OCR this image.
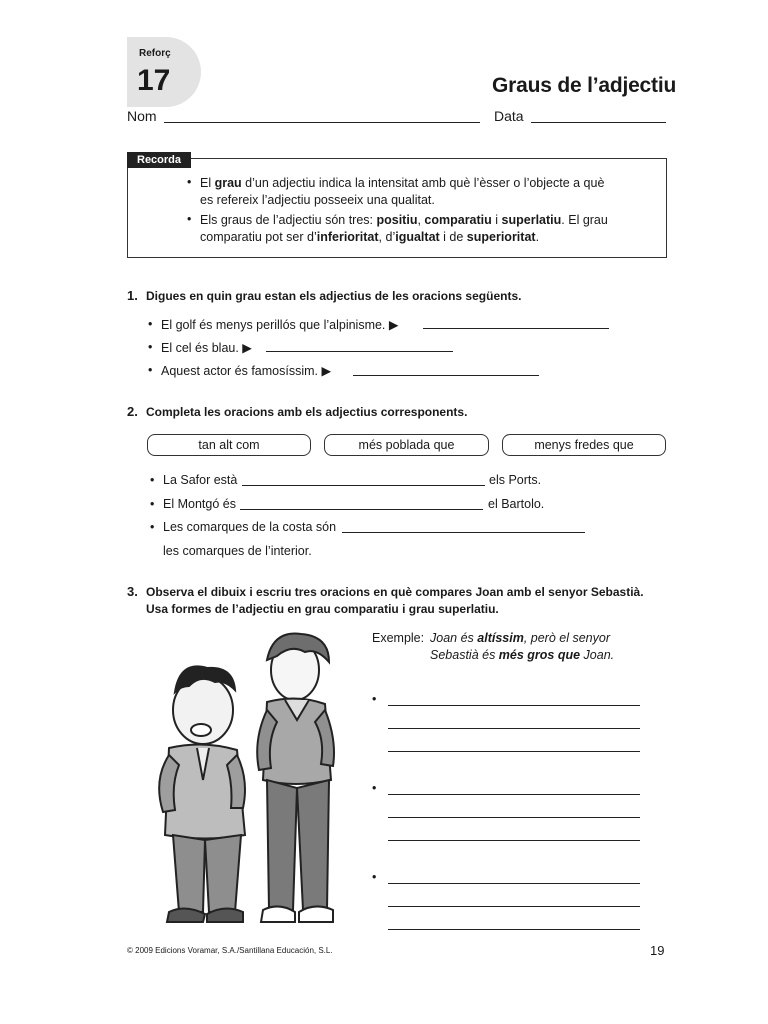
Reforç
17	Graus de l’adjectiu
Nom	Data
Recorda
• El grau d’un adjectiu indica la intensitat amb què l’èsser o l’objecte a què
es refereix l’adjectiu posseeix una qualitat.
• Els graus de l’adjectiu són tres: positiu, comparatiu i superlatiu. El grau
comparatiu pot ser d’inferioritat, d’igualtat i de superioritat.
1. Digues en quin grau estan els adjectius de les oracions següents.
• El golf és menys perillós que l’alpinisme. ▶
• El cel és blau. ▶
• Aquest actor és famosíssim. ▶
2. Completa les oracions amb els adjectius corresponents.
tan alt com	més poblada que	menys fredes que
• La Safor està	els Ports.
• El Montgó és	el Bartolo.
• Les comarques de la costa són
les comarques de l’interior.
3. Observa el dibuix i escriu tres oracions en què compares Joan amb el senyor Sebastià.
Usa formes de l’adjectiu en grau comparatiu i grau superlatiu.
Exemple: Joan és altíssim, però el senyor
Sebastià és més gros que Joan.
•
•
•
© 2009 Edicions Voramar, S.A./Santillana Educación, S.L.	19
